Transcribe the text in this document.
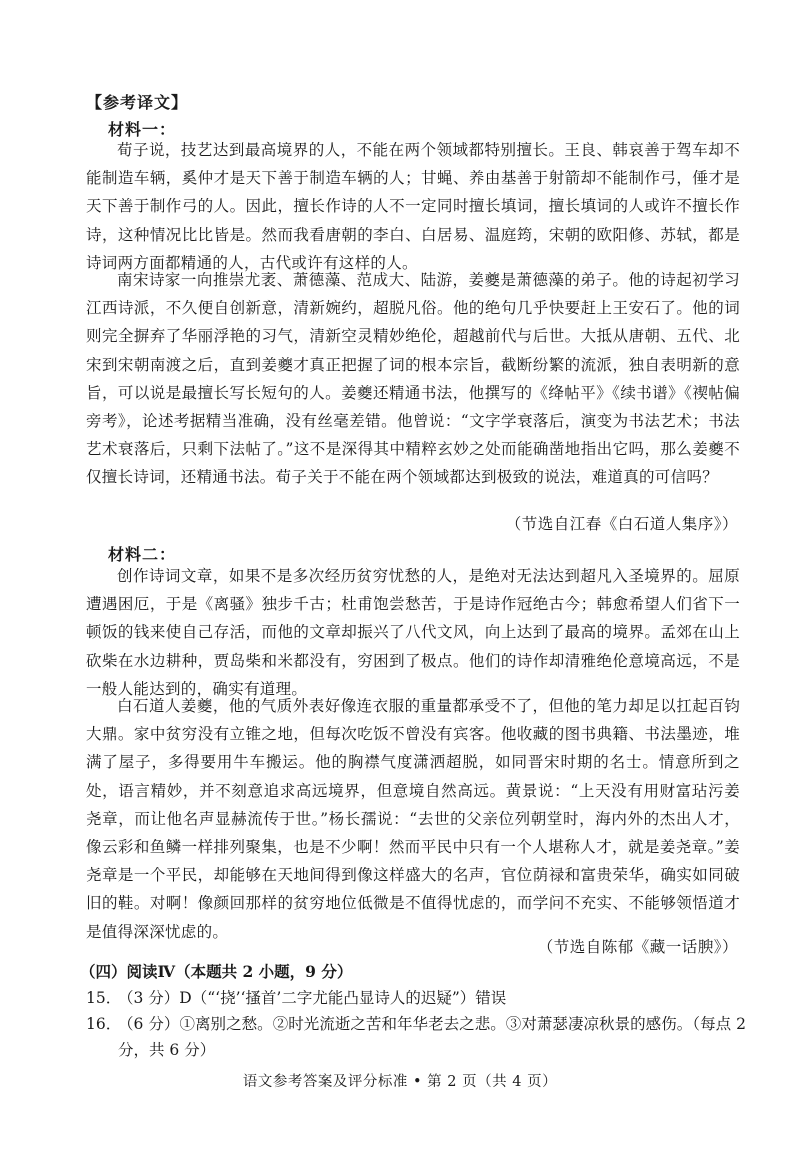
【参考译文】
材料一：
荀子说，技艺达到最高境界的人，不能在两个领域都特别擅长。王良、韩哀善于驾车却不能制造车辆，奚仲才是天下善于制造车辆的人；甘蝇、养由基善于射箭却不能制作弓，倕才是天下善于制作弓的人。因此，擅长作诗的人不一定同时擅长填词，擅长填词的人或许不擅长作诗，这种情况比比皆是。然而我看唐朝的李白、白居易、温庭筠，宋朝的欧阳修、苏轼，都是诗词两方面都精通的人，古代或许有这样的人。
南宋诗家一向推崇尤袤、萧德藻、范成大、陆游，姜夔是萧德藻的弟子。他的诗起初学习江西诗派，不久便自创新意，清新婉约，超脱凡俗。他的绝句几乎快要赶上王安石了。他的词则完全摒弃了华丽浮艳的习气，清新空灵精妙绝伦，超越前代与后世。大抵从唐朝、五代、北宋到宋朝南渡之后，直到姜夔才真正把握了词的根本宗旨，截断纷繁的流派，独自表明新的意旨，可以说是最擅长写长短句的人。姜夔还精通书法，他撰写的《绛帖平》《续书谱》《禊帖偏旁考》，论述考据精当准确，没有丝毫差错。他曾说：“文字学衰落后，演变为书法艺术；书法艺术衰落后，只剩下法帖了。”这不是深得其中精粹玄妙之处而能确凿地指出它吗，那么姜夔不仅擅长诗词，还精通书法。荀子关于不能在两个领域都达到极致的说法，难道真的可信吗？
（节选自江春《白石道人集序》）
材料二：
创作诗词文章，如果不是多次经历贫穷忧愁的人，是绝对无法达到超凡入圣境界的。屈原遭遇困厄，于是《离骚》独步千古；杜甫饱尝愁苦，于是诗作冠绝古今；韩愈希望人们省下一顿饭的钱来使自己存活，而他的文章却振兴了八代文风，向上达到了最高的境界。孟郊在山上砍柴在水边耕种，贾岛柴和米都没有，穷困到了极点。他们的诗作却清雅绝伦意境高远，不是一般人能达到的，确实有道理。
白石道人姜夔，他的气质外表好像连衣服的重量都承受不了，但他的笔力却足以扛起百钧大鼎。家中贫穷没有立锥之地，但每次吃饭不曾没有宾客。他收藏的图书典籍、书法墨迹，堆满了屋子，多得要用牛车搬运。他的胸襟气度潇洒超脱，如同晋宋时期的名士。情意所到之处，语言精妙，并不刻意追求高远境界，但意境自然高远。黄景说：“上天没有用财富玷污姜尧章，而让他名声显赫流传于世。”杨长孺说：“去世的父亲位列朝堂时，海内外的杰出人才，像云彩和鱼鳞一样排列聚集，也是不少啊！然而平民中只有一个人堪称人才，就是姜尧章。”姜尧章是一个平民，却能够在天地间得到像这样盛大的名声，官位荫禄和富贵荣华，确实如同破旧的鞋。对啊！像颜回那样的贫穷地位低微是不值得忧虑的，而学问不充实、不能够领悟道才是值得深深忧虑的。
（节选自陈郁《藏一话腴》）
（四）阅读Ⅳ（本题共 2 小题，9 分）
15．（3 分）D（“‘挠’‘搔首’二字尤能凸显诗人的迟疑”）错误
16．
（6 分）①离别之愁。②时光流逝之苦和年华老去之悲。③对萧瑟凄凉秋景的感伤。（每点 2 分，共 6 分）
语文参考答案及评分标准 • 第 2 页（共 4 页）
